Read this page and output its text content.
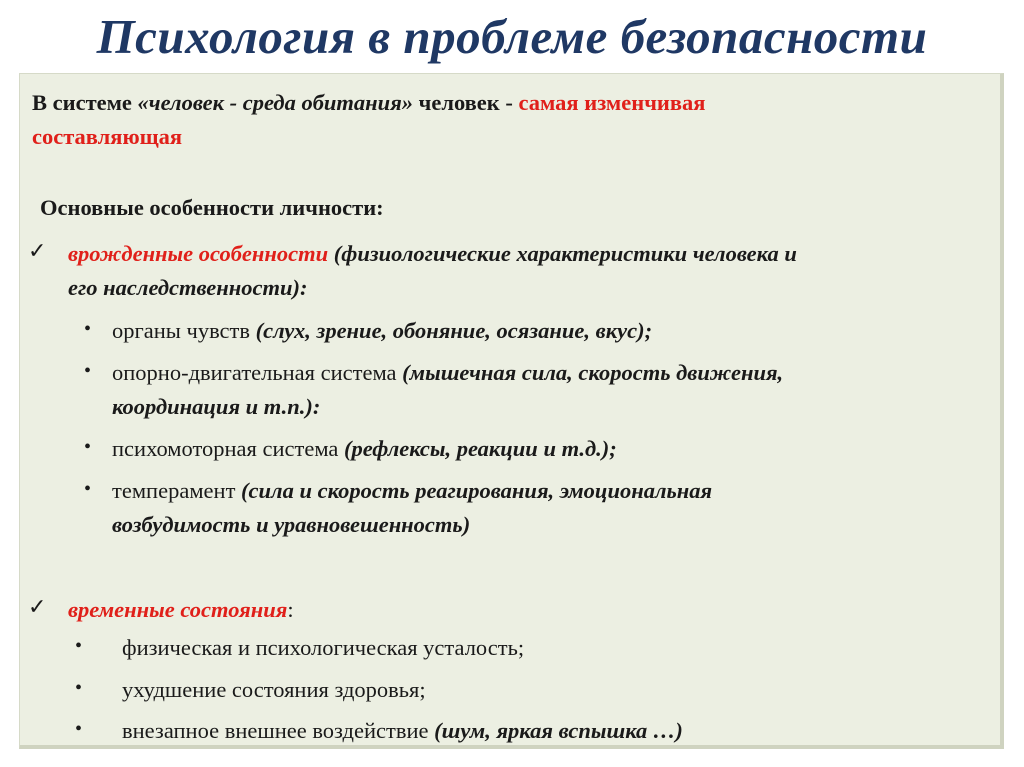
Психология в проблеме безопасности
В системе «человек - среда обитания» человек - самая изменчивая
составляющая
Основные особенности личности:
✓ врожденные особенности (физиологические характеристики человека и
его наследственности):
• органы чувств (слух, зрение, обоняние, осязание, вкус);
• опорно-двигательная система (мышечная сила, скорость движения,
координация и т.п.):
• психомоторная система (рефлексы, реакции и т.д.);
• темперамент (сила и скорость реагирования, эмоциональная
возбудимость и уравновешенность)
✓ временные состояния:
• физическая и психологическая усталость;
• ухудшение состояния здоровья;
• внезапное внешнее воздействие (шум, яркая вспышка …)
